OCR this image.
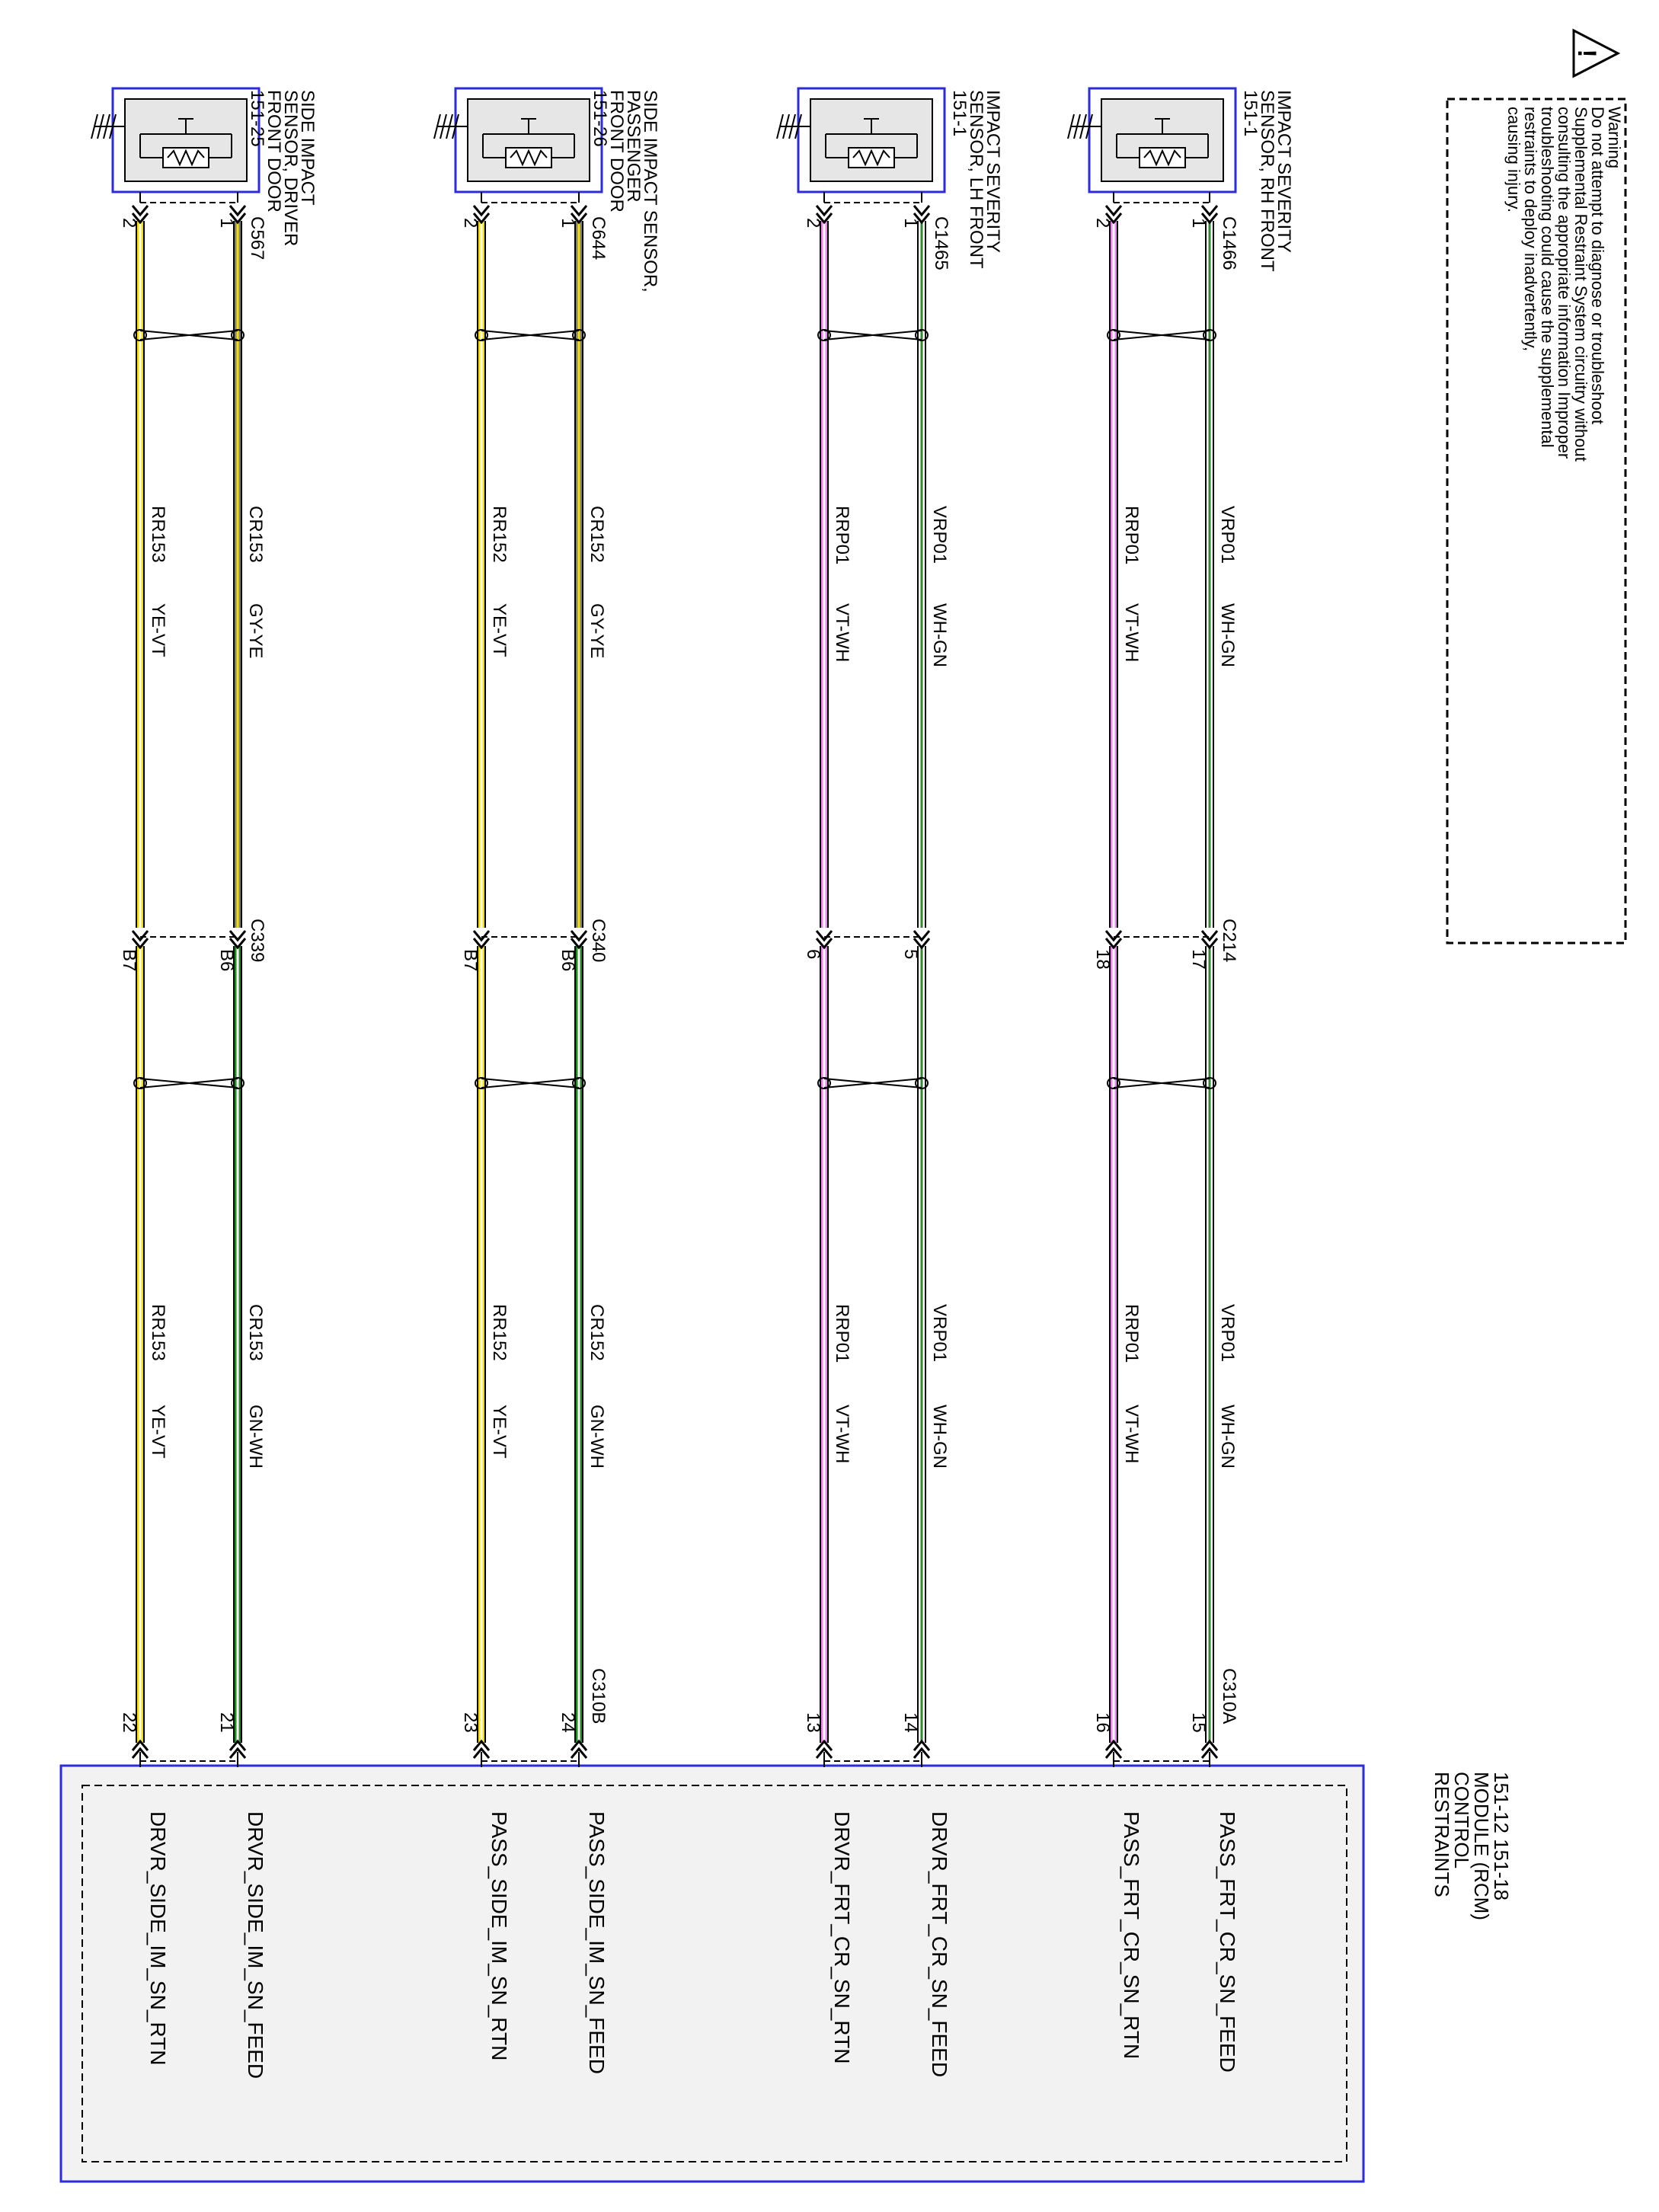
!
Warning
Do not attempt to diagnose or troubleshoot
Supplemental Restraint System circuitry without
consulting the appropriate information Improper
troubleshooting could cause the supplemental
restraints to deploy inadvertently,
causing injury.
RESTRAINTS
CONTROL
MODULE (RCM)
151-12 151-18
IMPACT SEVERITY
SENSOR, RH FRONT
151-1
C1466
1
2
VRP01
WH-GN
RRP01
VT-WH
C214
17
18
VRP01
WH-GN
RRP01
VT-WH
C310A
15
16
PASS_FRT_CR_SN_FEED
PASS_FRT_CR_SN_RTN
IMPACT SEVERITY
SENSOR, LH FRONT
151-1
C1465
1
2
VRP01
WH-GN
RRP01
VT-WH
5
6
VRP01
WH-GN
RRP01
VT-WH
14
13
DRVR_FRT_CR_SN_FEED
DRVR_FRT_CR_SN_RTN
SIDE IMPACT SENSOR,
PASSENGER
FRONT DOOR
151-26
C644
1
2
CR152
GY-YE
RR152
YE-VT
C340
B6
B7
CR152
GN-WH
RR152
YE-VT
C310B
24
23
PASS_SIDE_IM_SN_FEED
PASS_SIDE_IM_SN_RTN
SIDE IMPACT
SENSOR, DRIVER
FRONT DOOR
151-25
C567
1
2
CR153
GY-YE
RR153
YE-VT
C339
B6
B7
CR153
GN-WH
RR153
YE-VT
21
22
DRVR_SIDE_IM_SN_FEED
DRVR_SIDE_IM_SN_RTN
